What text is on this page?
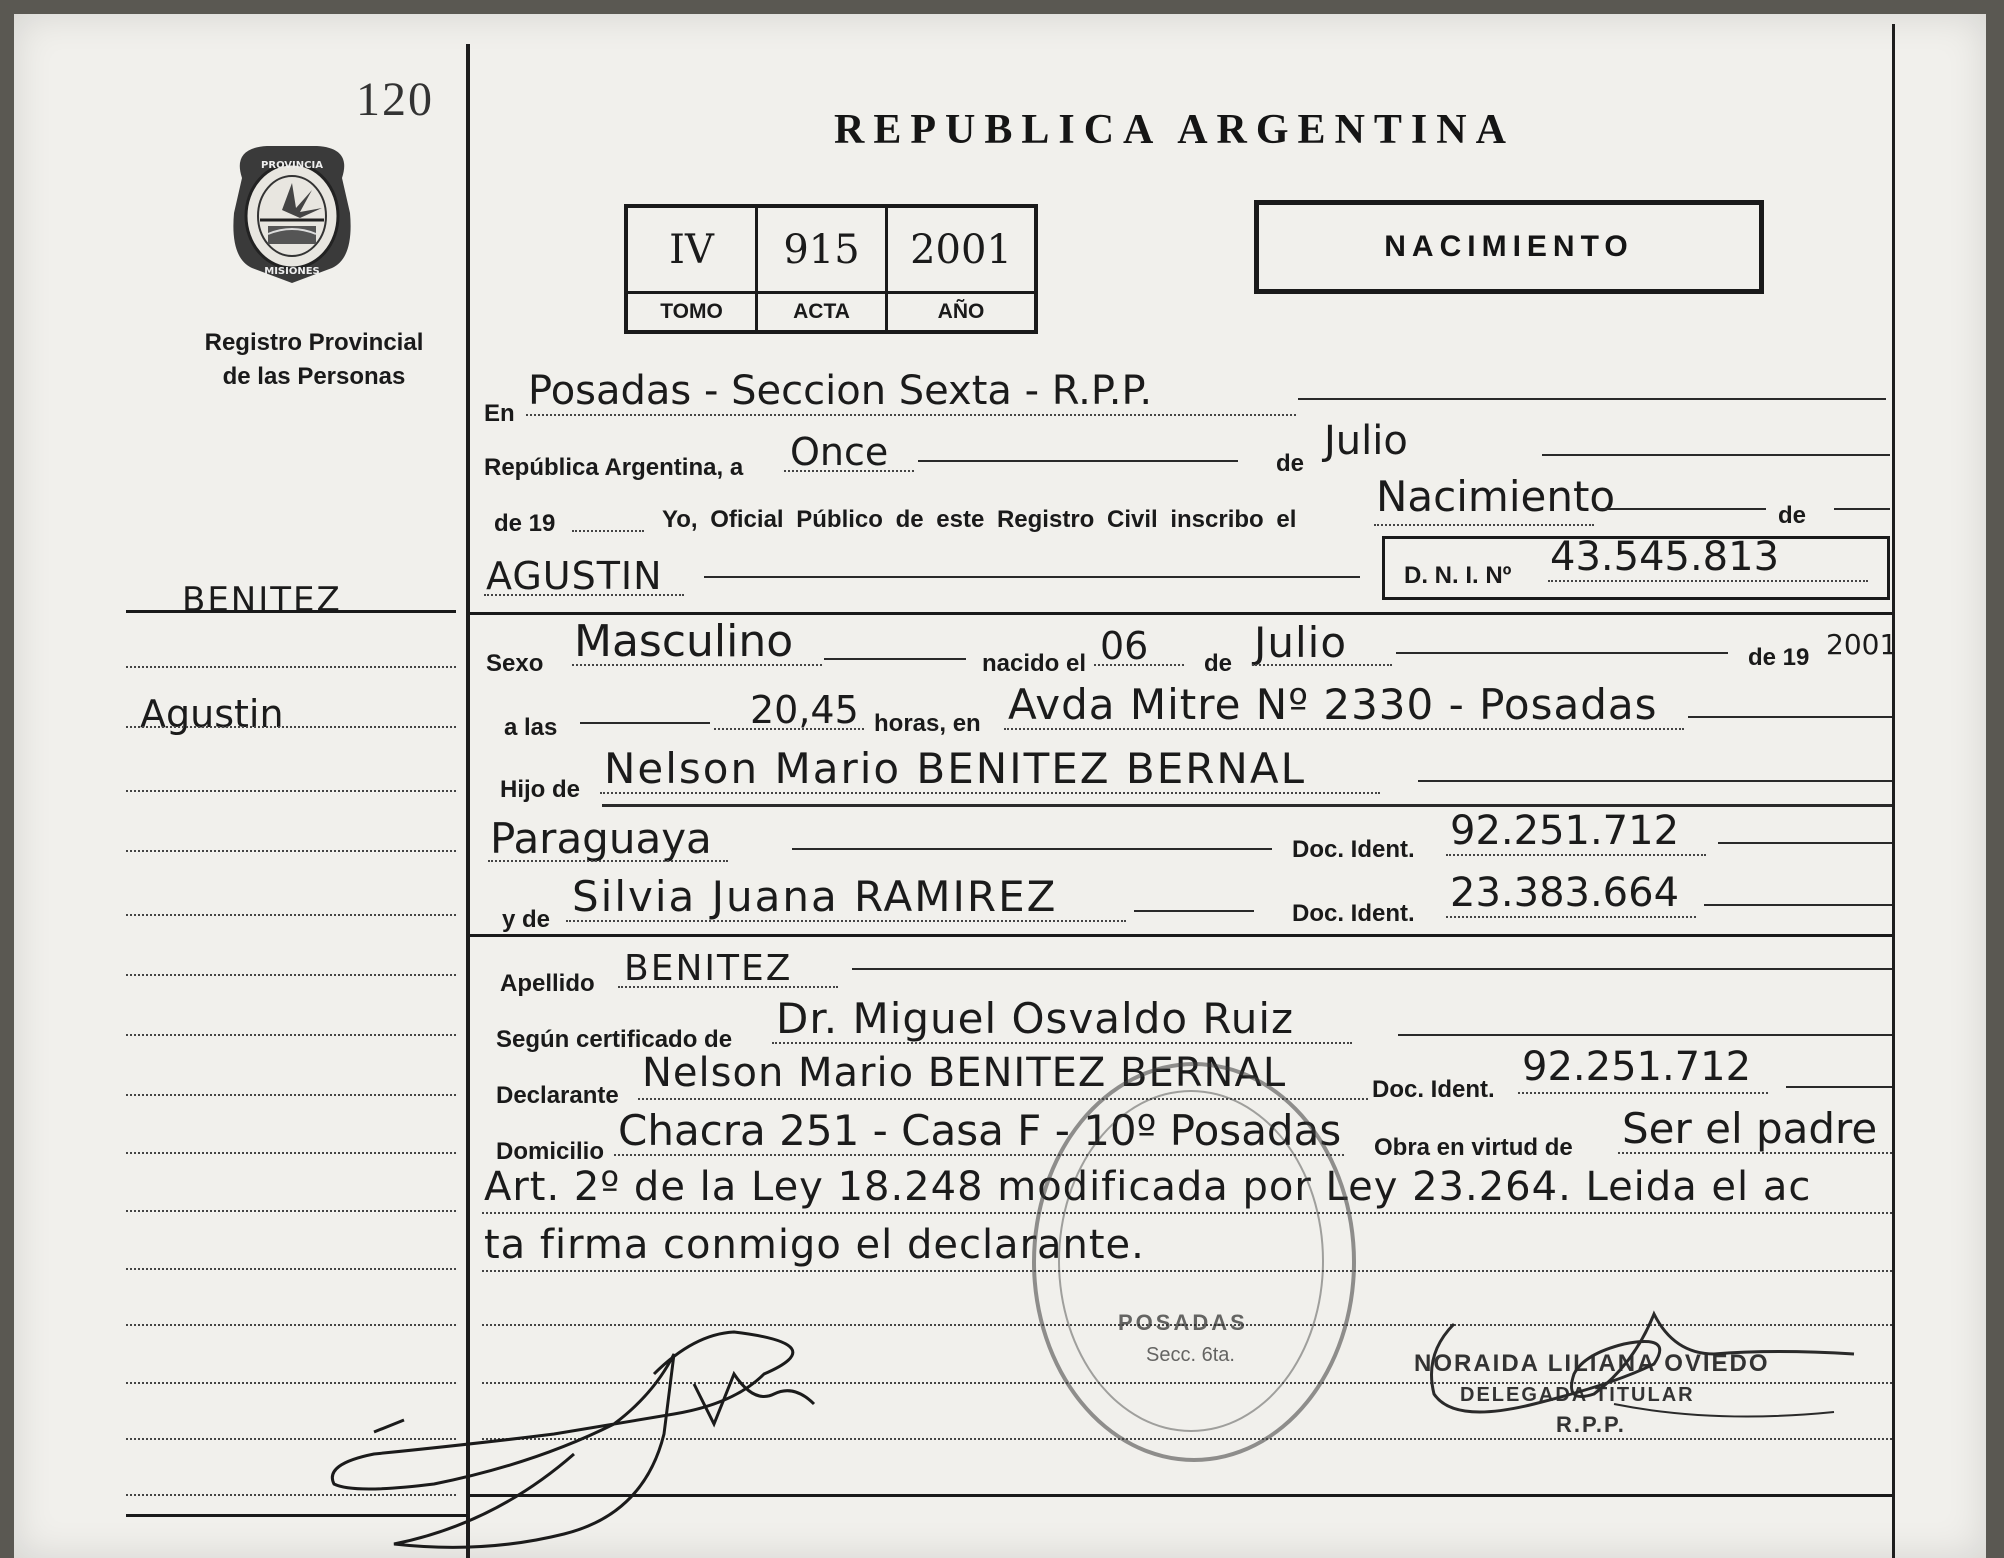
120
PROVINCIA
MISIONES
Registro Provincial
de las Personas
BENITEZ
Agustin
REPUBLICA ARGENTINA
IV	915	2001
TOMO	ACTA	AÑO
NACIMIENTO
En Posadas - Seccion Sexta - R.P.P.
República Argentina, a Once	de Julio
de 19	Yo, Oficial Público de este Registro Civil inscribo el Nacimiento	de
AGUSTIN	D. N. I. Nº 43.545.813
Sexo Masculino	nacido el 06 de Julio	de 19 2001
a las	20,45 horas, en Avda Mitre Nº 2330 - Posadas
Hijo de Nelson Mario BENITEZ BERNAL
Paraguaya	Doc. Ident. 92.251.712
y de Silvia Juana RAMIREZ	Doc. Ident. 23.383.664
Apellido BENITEZ
Según certificado de Dr. Miguel Osvaldo Ruiz
Declarante Nelson Mario BENITEZ BERNAL	Doc. Ident. 92.251.712
Domicilio Chacra 251 - Casa F - 10º Posadas Obra en virtud de Ser el padre
Art. 2º de la Ley 18.248 modificada por Ley 23.264. Leida el ac
ta firma conmigo el declarante.
POSADAS
Secc. 6ta.	NORAIDA LILIANA OVIEDO
DELEGADA TITULAR
R.P.P.
